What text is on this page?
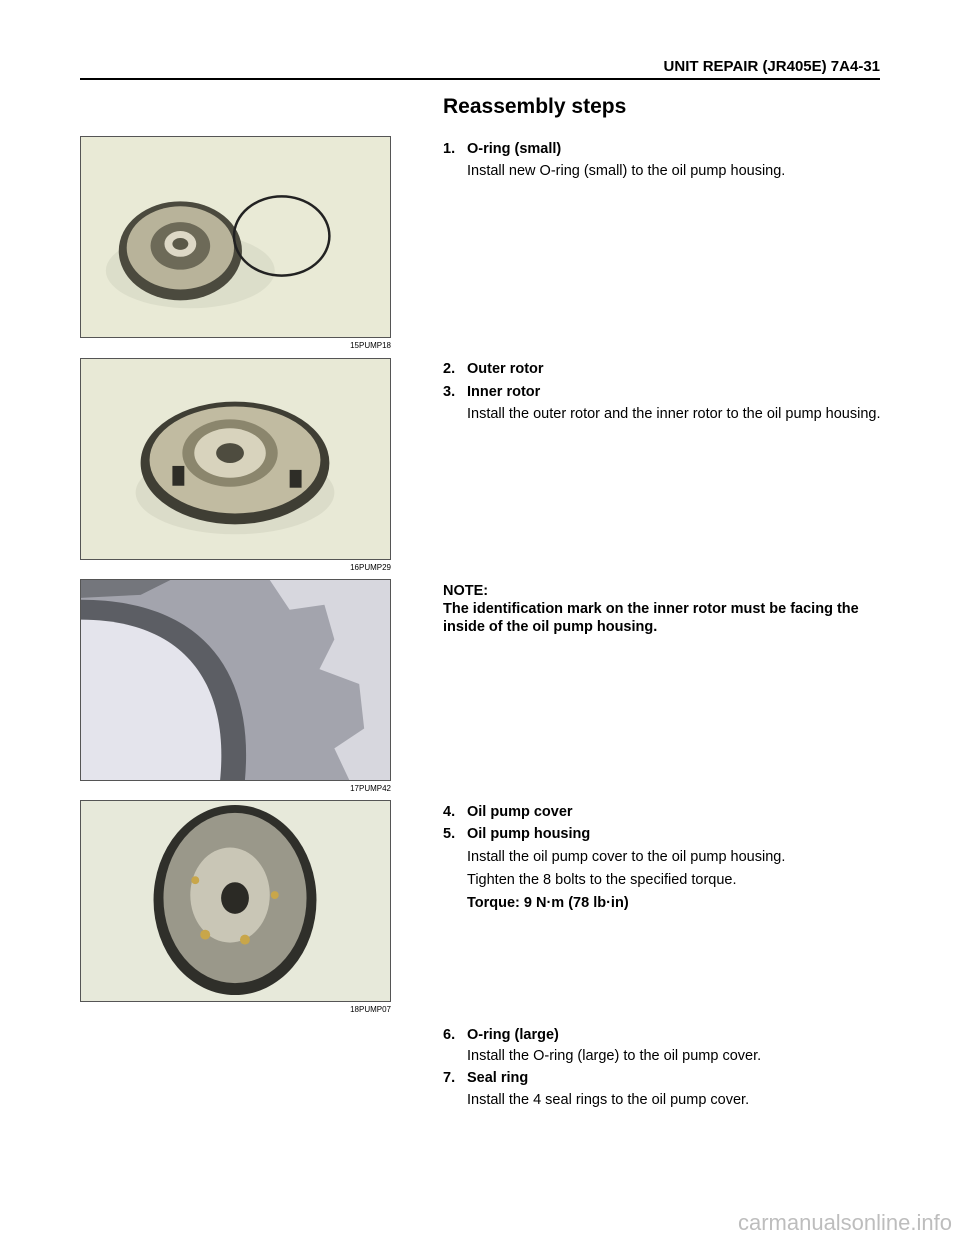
UNIT REPAIR (JR405E) 7A4-31
Reassembly steps
15PUMP18
16PUMP29
17PUMP42
18PUMP07
1. O-ring (small)
Install new O-ring (small) to the oil pump housing.
2. Outer rotor
3. Inner rotor
Install the outer rotor and the inner rotor to the oil pump housing.
NOTE:
The identification mark on the inner rotor must be facing the inside of the oil pump housing.
4. Oil pump cover
5. Oil pump housing
Install the oil pump cover to the oil pump housing.
Tighten the 8 bolts to the specified torque.
Torque: 9 N·m (78 lb·in)
6. O-ring (large)
Install the O-ring (large) to the oil pump cover.
7. Seal ring
Install the 4 seal rings to the oil pump cover.
carmanualsonline.info
